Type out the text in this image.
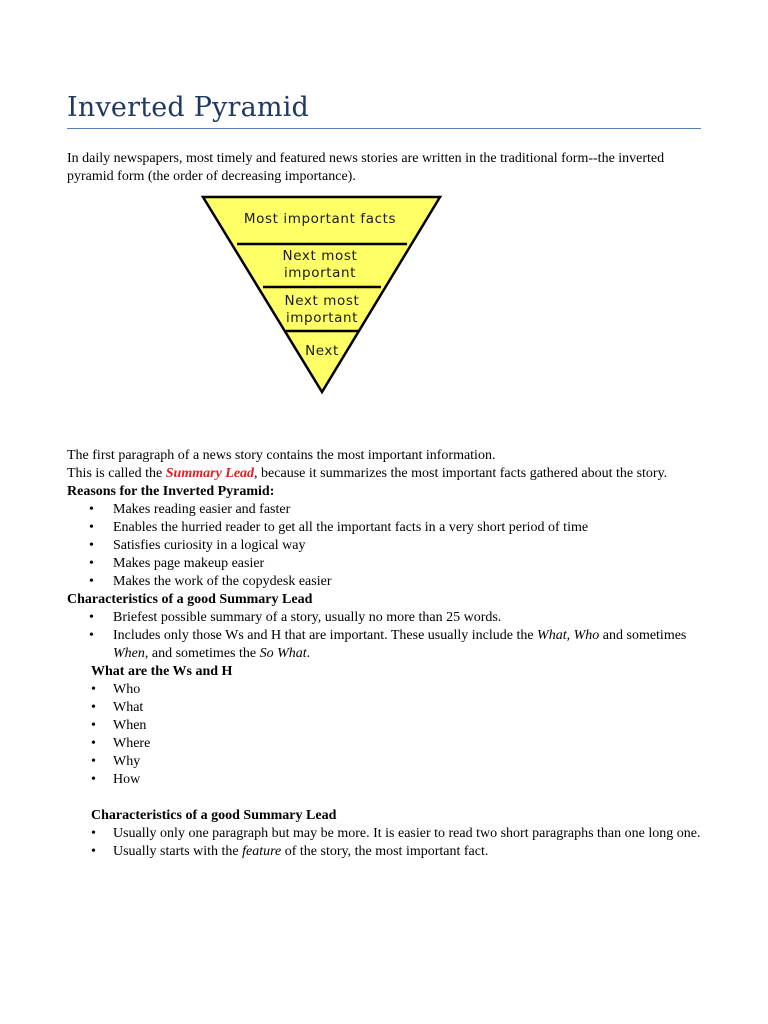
Inverted Pyramid

In daily newspapers, most timely and featured news stories are written in the traditional form--the inverted pyramid form (the order of decreasing importance).

Most important facts
Next most
important
Next most
important
Next

The first paragraph of a news story contains the most important information.

This is called the Summary Lead, because it summarizes the most important facts gathered about the story.

Reasons for the Inverted Pyramid:

• Makes reading easier and faster
• Enables the hurried reader to get all the important facts in a very short period of time
• Satisfies curiosity in a logical way
• Makes page makeup easier
• Makes the work of the copydesk easier

Characteristics of a good Summary Lead

• Briefest possible summary of a story, usually no more than 25 words.
• Includes only those Ws and H that are important. These usually include the What, Who and sometimes When, and sometimes the So What.

What are the Ws and H

• Who
• What
• When
• Where
• Why
• How

Characteristics of a good Summary Lead

• Usually only one paragraph but may be more. It is easier to read two short paragraphs than one long one.
• Usually starts with the feature of the story, the most important fact.
